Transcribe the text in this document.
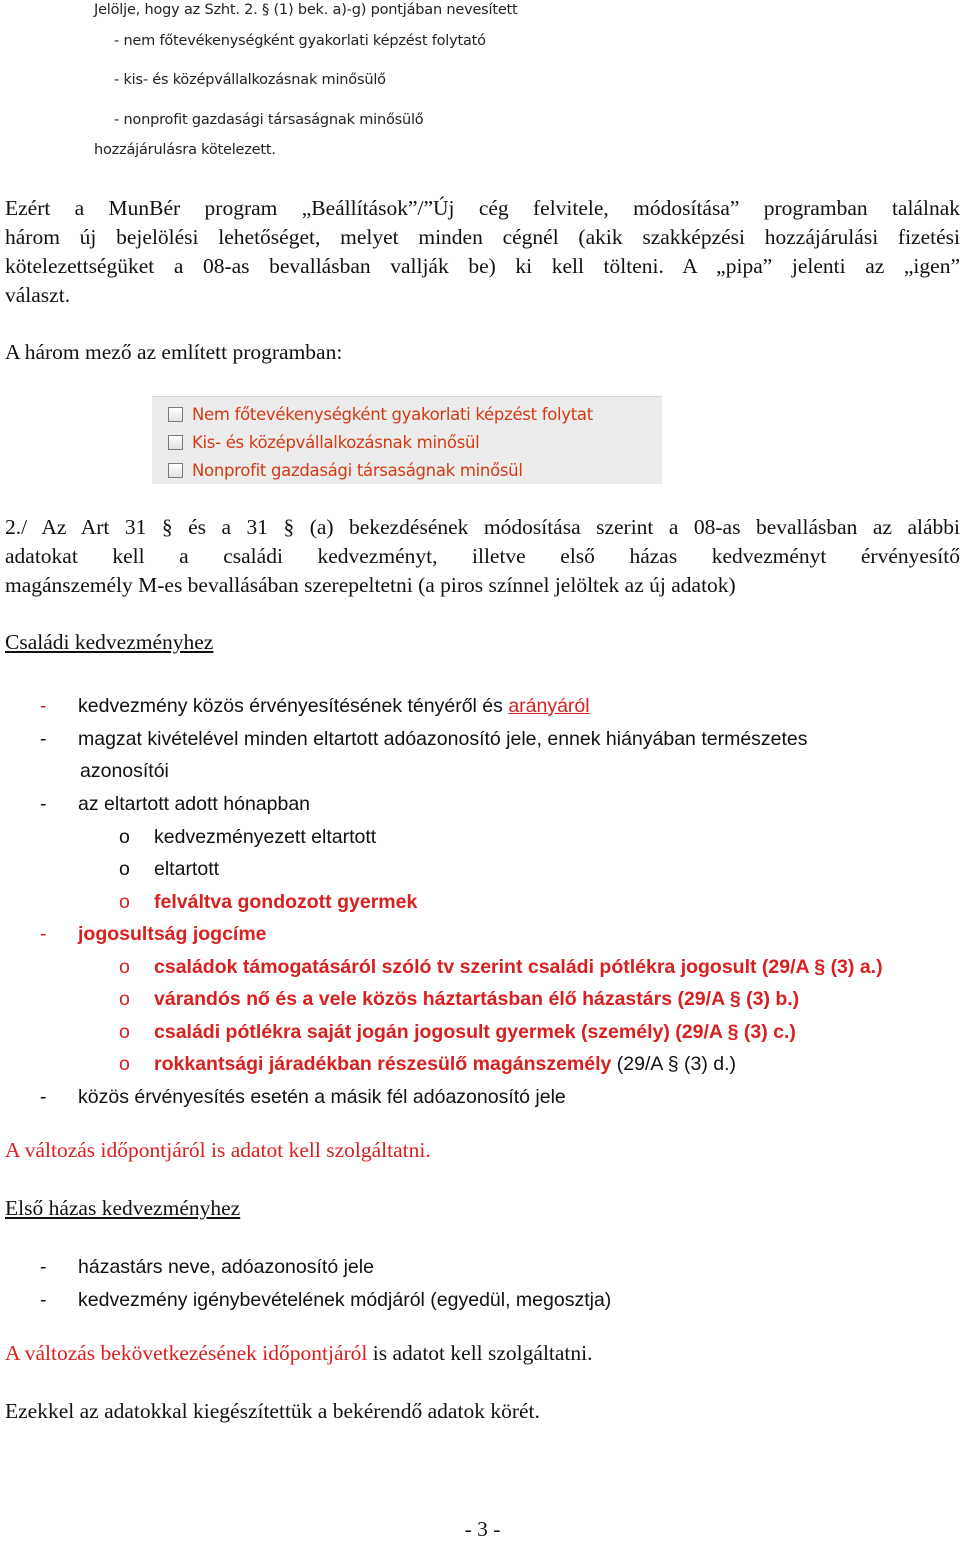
Jelölje, hogy az Szht. 2. § (1) bek. a)-g) pontjában nevesített
- nem főtevékenységként gyakorlati képzést folytató
- kis- és középvállalkozásnak minősülő
- nonprofit gazdasági társaságnak minősülő
hozzájárulásra kötelezett.
Ezért a MunBér program „Beállítások”/”Új cég felvitele, módosítása” programban találnak
három új bejelölési lehetőséget, melyet minden cégnél (akik szakképzési hozzájárulási fizetési
kötelezettségüket a 08-as bevallásban vallják be) ki kell tölteni. A „pipa” jelenti az „igen”
választ.
A három mező az említett programban:
Nem főtevékenységként gyakorlati képzést folytat
Kis- és középvállalkozásnak minősül
Nonprofit gazdasági társaságnak minősül
2./ Az Art 31 § és a 31 § (a) bekezdésének módosítása szerint a 08-as bevallásban az alábbi
adatokat kell a családi kedvezményt, illetve első házas kedvezményt érvényesítő
magánszemély M-es bevallásában szerepeltetni (a piros színnel jelöltek az új adatok)
Családi kedvezményhez
- kedvezmény közös érvényesítésének tényéről és arányáról
- magzat kivételével minden eltartott adóazonosító jele, ennek hiányában természetes
azonosítói
- az eltartott adott hónapban
o kedvezményezett eltartott
o eltartott
o felváltva gondozott gyermek
- jogosultság jogcíme
o családok támogatásáról szóló tv szerint családi pótlékra jogosult (29/A § (3) a.)
o várandós nő és a vele közös háztartásban élő házastárs (29/A § (3) b.)
o családi pótlékra saját jogán jogosult gyermek (személy) (29/A § (3) c.)
o rokkantsági járadékban részesülő magánszemély (29/A § (3) d.)
- közös érvényesítés esetén a másik fél adóazonosító jele
A változás időpontjáról is adatot kell szolgáltatni.
Első házas kedvezményhez
- házastárs neve, adóazonosító jele
- kedvezmény igénybevételének módjáról (egyedül, megosztja)
A változás bekövetkezésének időpontjáról is adatot kell szolgáltatni.
Ezekkel az adatokkal kiegészítettük a bekérendő adatok körét.
- 3 -
